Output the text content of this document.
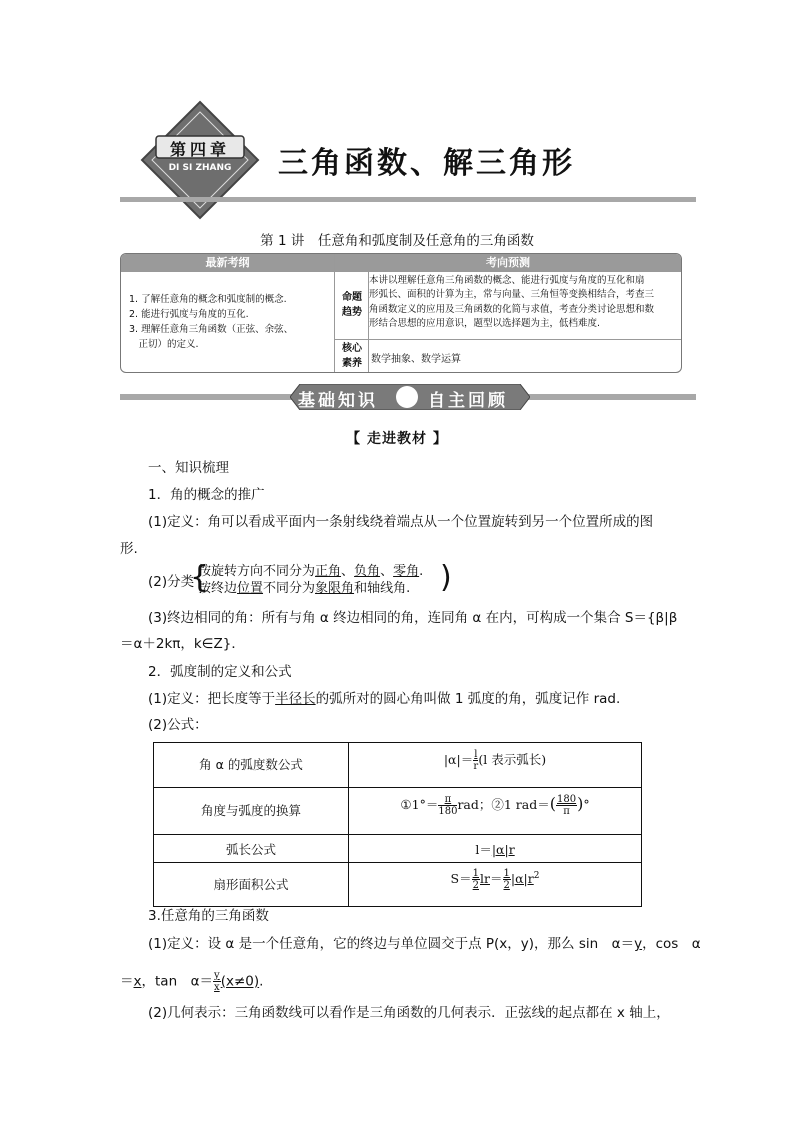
第四章
DI SI ZHANG 三角函数、解三角形
第 1 讲　任意角和弧度制及任意角的三角函数
最新考纲	考向预测
1. 了解任意角的概念和弧度制的概念.
2. 能进行弧度与角度的互化.
3. 理解任意角三角函数（正弦、余弦、
　正切）的定义.
命题
趋势
本讲以理解任意角三角函数的概念、能进行弧度与角度的互化和扇
形弧长、面积的计算为主，常与向量、三角恒等变换相结合，考查三
角函数定义的应用及三角函数的化简与求值，考查分类讨论思想和数
形结合思想的应用意识，题型以选择题为主，低档难度.
核心
素养 数学抽象、数学运算
基础知识	自主回顾
【 走进教材 】
一、知识梳理
1．角的概念的推广
(1)定义：角可以看成平面内一条射线绕着端点从一个位置旋转到另一个位置所成的图
形.
(2)分类
{
按旋转方向不同分为正角、负角、零角.
按终边位置不同分为象限角和轴线角. )
(3)终边相同的角：所有与角 α 终边相同的角，连同角 α 在内，可构成一个集合 S＝{β|β
＝α＋2kπ，k∈Z}．
2．弧度制的定义和公式
(1)定义：把长度等于半径长的弧所对的圆心角叫做 1 弧度的角，弧度记作 rad.
(2)公式：
角 α 的弧度数公式
角度与弧度的换算
弧长公式
扇形面积公式
$|\alpha|= \frac{l}{r} (l$ 表示弧长)
①1°＝ $\frac{\pi}{180}$ rad；②1 $rad=( \frac{180}{\pi}$ )°
l＝|α|r
$S= \frac{1}{2} lr= \frac{1}{2} |\alpha|r^2$
3.任意角的三角函数
(1)定义：设 α 是一个任意角，它的终边与单位圆交于点 P(x，y)，那么 sin　α＝y，cos　α
＝x，tan　$\alpha= \frac{y}{x} (x\ne 0)$.
(2)几何表示：三角函数线可以看作是三角函数的几何表示．正弦线的起点都在 x 轴上，
